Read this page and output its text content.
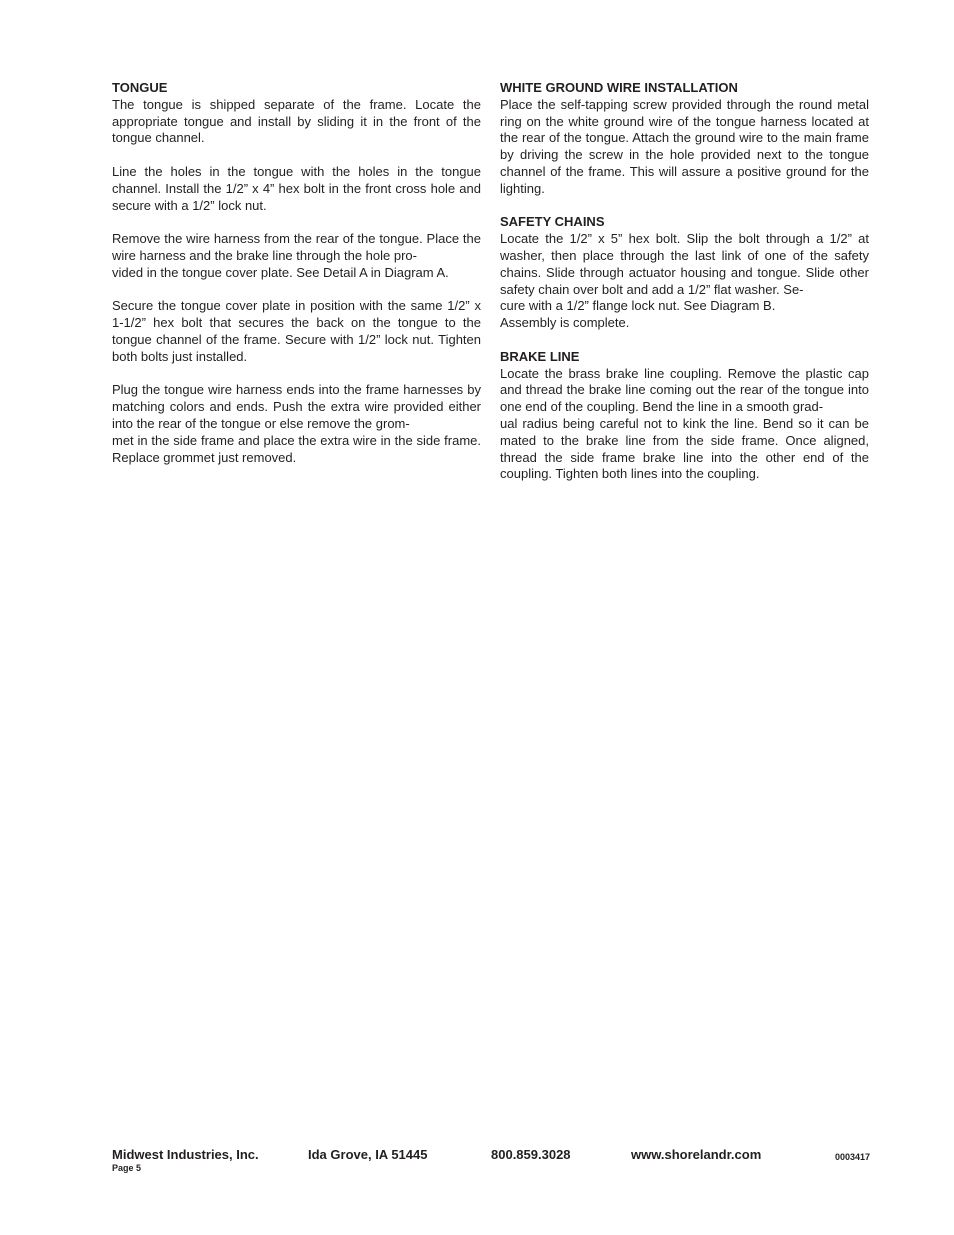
TONGUE

The tongue is shipped separate of the frame. Locate the appropriate tongue and install by sliding it in the front of the tongue channel.

Line the holes in the tongue with the holes in the tongue channel. Install the 1/2” x 4” hex bolt in the front cross hole and secure with a 1/2” lock nut.

Remove the wire harness from the rear of the tongue. Place the wire harness and the brake line through the hole pro-
vided in the tongue cover plate. See Detail A in Diagram A.

Secure the tongue cover plate in position with the same 1/2” x 1-1/2” hex bolt that secures the back on the tongue to the tongue channel of the frame. Secure with 1/2” lock nut. Tighten both bolts just installed.

Plug the tongue wire harness ends into the frame harnesses by matching colors and ends. Push the extra wire provided either into the rear of the tongue or else remove the grom-
met in the side frame and place the extra wire in the side frame. Replace grommet just removed.

WHITE GROUND WIRE INSTALLATION

Place the self-tapping screw provided through the round metal ring on the white ground wire of the tongue harness located at the rear of the tongue. Attach the ground wire to the main frame by driving the screw in the hole provided next to the tongue channel of the frame. This will assure a positive ground for the lighting.

SAFETY CHAINS

Locate the 1/2” x 5” hex bolt. Slip the bolt through a 1/2” at washer, then place through the last link of one of the safety chains. Slide through actuator housing and tongue. Slide other safety chain over bolt and add a 1/2” flat washer. Se-
cure with a 1/2” flange lock nut. See Diagram B.

Assembly is complete.

BRAKE LINE

Locate the brass brake line coupling. Remove the plastic cap and thread the brake line coming out the rear of the tongue into one end of the coupling. Bend the line in a smooth grad-
ual radius being careful not to kink the line. Bend so it can be mated to the brake line from the side frame. Once aligned, thread the side frame brake line into the other end of the coupling. Tighten both lines into the coupling.

Midwest Industries, Inc.	Ida Grove, IA 51445	800.859.3028	www.shorelandr.com	0003417
Page 5
